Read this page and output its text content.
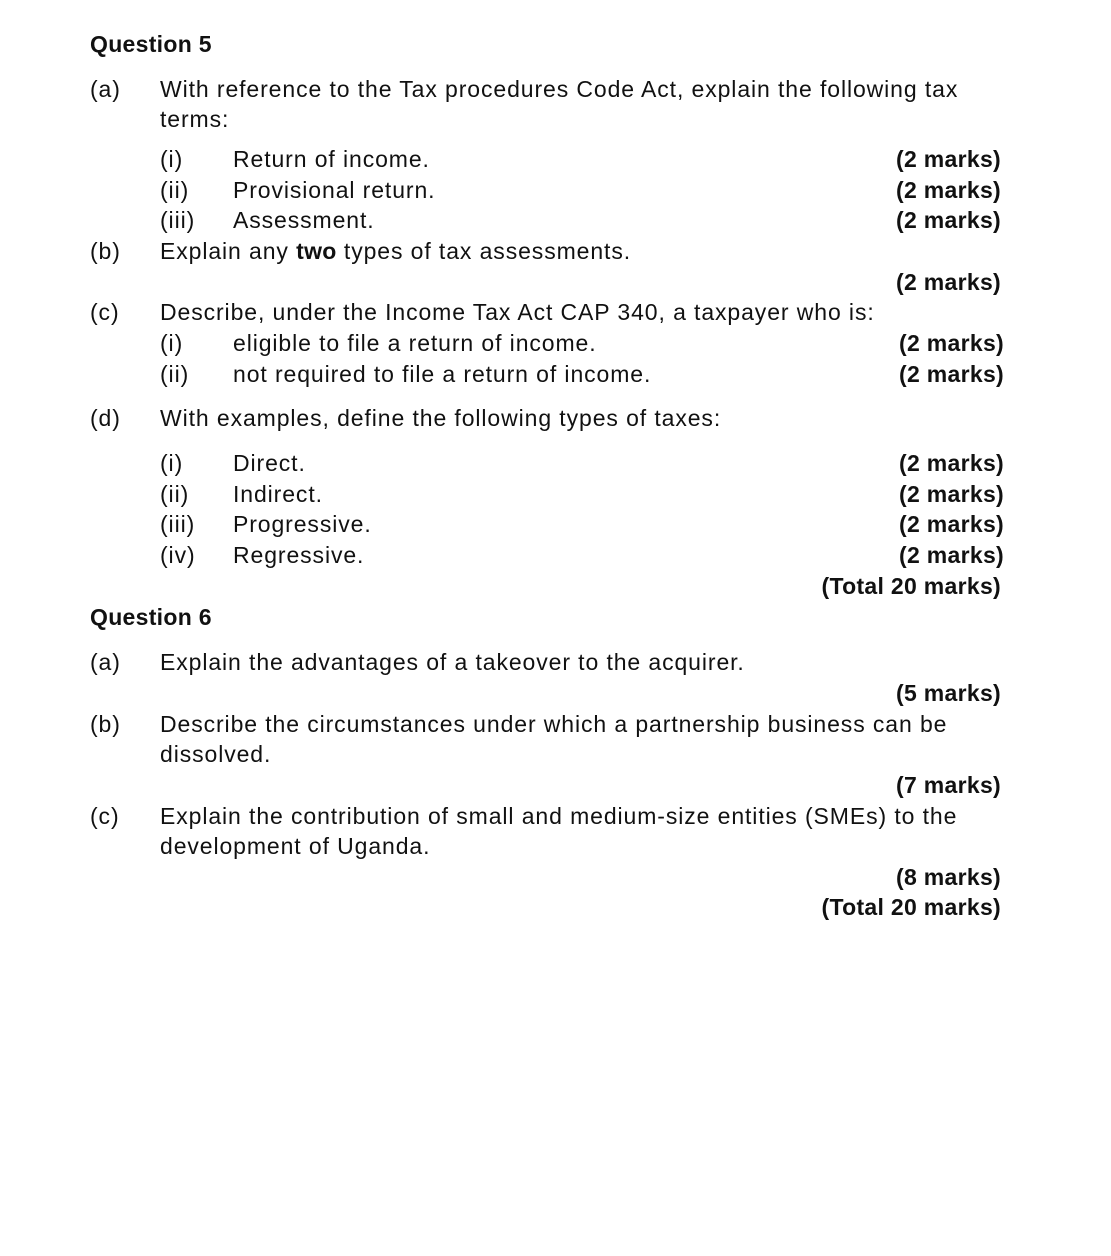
Question 5
(a) With reference to the Tax procedures Code Act, explain the following tax
terms:
(i) Return of income.	(2 marks)
(ii) Provisional return.	(2 marks)
(iii) Assessment.	(2 marks)
(b) Explain any two types of tax assessments.
(2 marks)
(c) Describe, under the Income Tax Act CAP 340, a taxpayer who is:
(i) eligible to file a return of income.	(2 marks)
(ii) not required to file a return of income.	(2 marks)
(d) With examples, define the following types of taxes:
(i) Direct.	(2 marks)
(ii) Indirect.	(2 marks)
(iii) Progressive.	(2 marks)
(iv) Regressive.	(2 marks)
(Total 20 marks)
Question 6
(a) Explain the advantages of a takeover to the acquirer.
(5 marks)
(b) Describe the circumstances under which a partnership business can be
dissolved.
(7 marks)
(c) Explain the contribution of small and medium-size entities (SMEs) to the
development of Uganda.
(8 marks)
(Total 20 marks)
